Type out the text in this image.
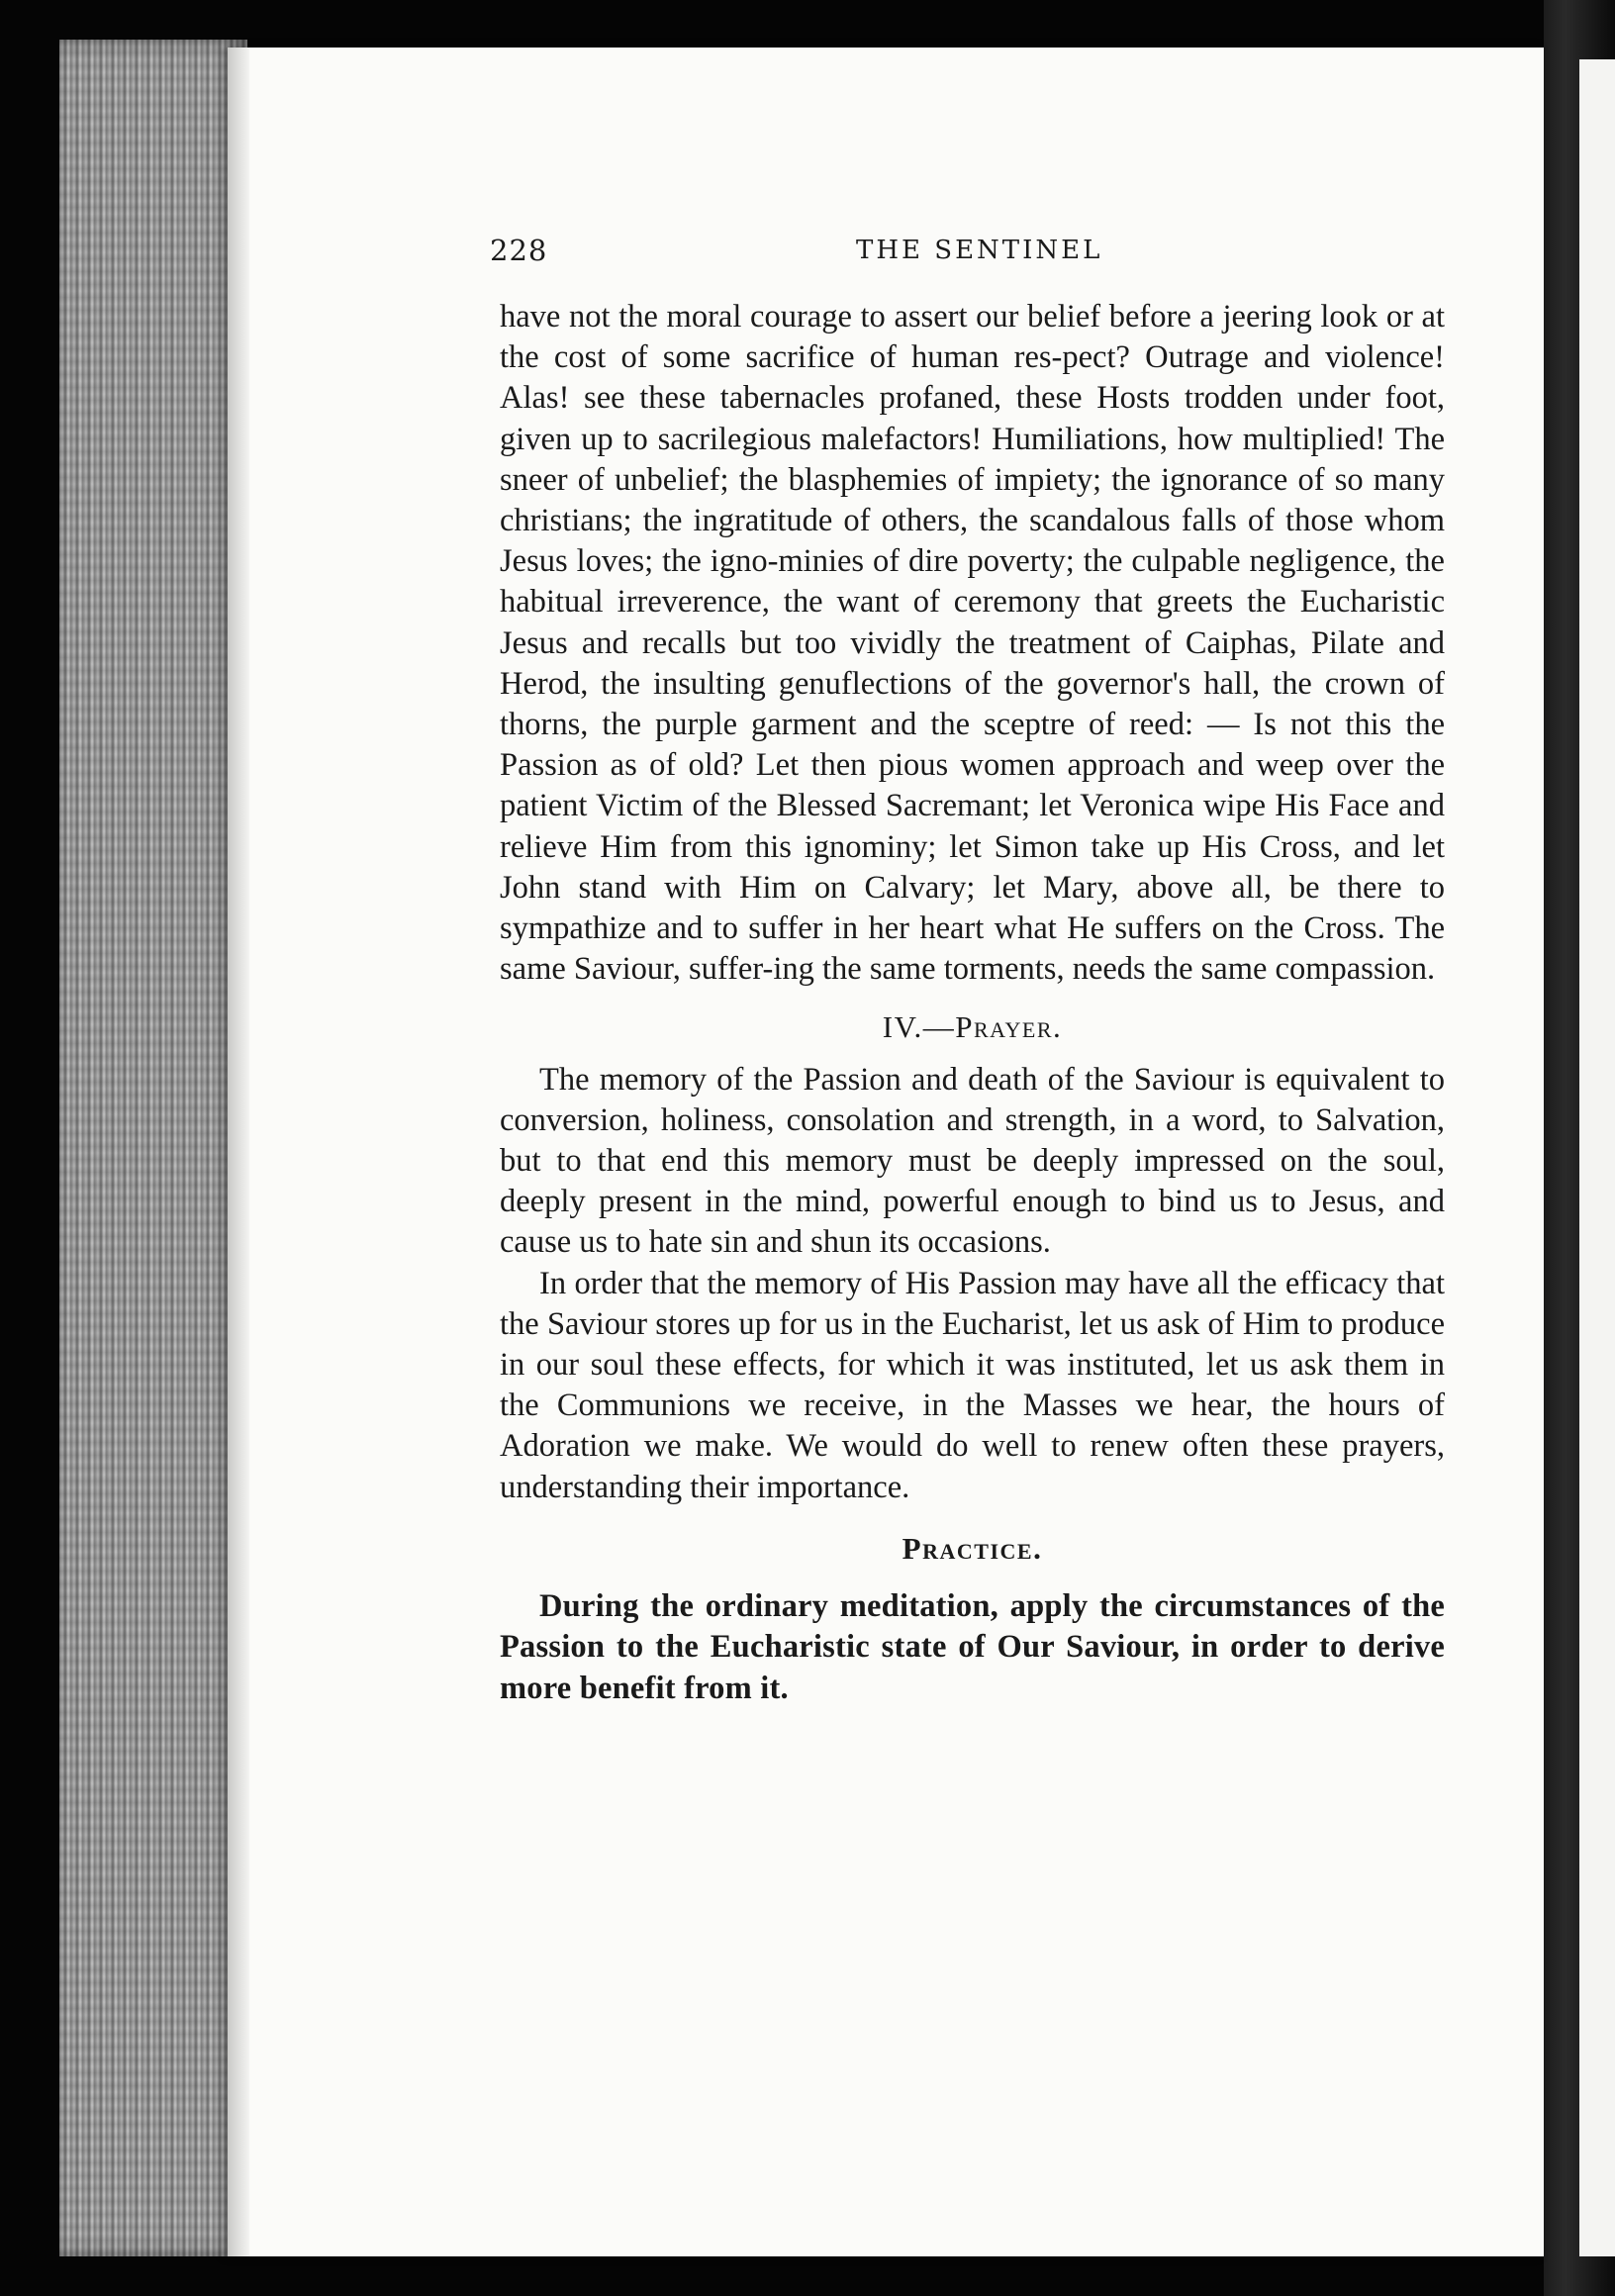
228	THE SENTINEL

have not the moral courage to assert our belief before a jeering look or at the cost of some sacrifice of human res-pect? Outrage and violence! Alas! see these tabernacles profaned, these Hosts trodden under foot, given up to sacrilegious malefactors! Humiliations, how multiplied! The sneer of unbelief; the blasphemies of impiety; the ignorance of so many christians; the ingratitude of others, the scandalous falls of those whom Jesus loves; the igno-minies of dire poverty; the culpable negligence, the habitual irreverence, the want of ceremony that greets the Eucharistic Jesus and recalls but too vividly the treatment of Caiphas, Pilate and Herod, the insulting genuflections of the governor's hall, the crown of thorns, the purple garment and the sceptre of reed: — Is not this the Passion as of old? Let then pious women approach and weep over the patient Victim of the Blessed Sacremant; let Veronica wipe His Face and relieve Him from this ignominy; let Simon take up His Cross, and let John stand with Him on Calvary; let Mary, above all, be there to sympathize and to suffer in her heart what He suffers on the Cross. The same Saviour, suffer-ing the same torments, needs the same compassion.

IV.—Prayer.

The memory of the Passion and death of the Saviour is equivalent to conversion, holiness, consolation and strength, in a word, to Salvation, but to that end this memory must be deeply impressed on the soul, deeply present in the mind, powerful enough to bind us to Jesus, and cause us to hate sin and shun its occasions.

In order that the memory of His Passion may have all the efficacy that the Saviour stores up for us in the Eucharist, let us ask of Him to produce in our soul these effects, for which it was instituted, let us ask them in the Communions we receive, in the Masses we hear, the hours of Adoration we make. We would do well to renew often these prayers, understanding their importance.

Practice.

During the ordinary meditation, apply the circumstances of the Passion to the Eucharistic state of Our Saviour, in order to derive more benefit from it.
